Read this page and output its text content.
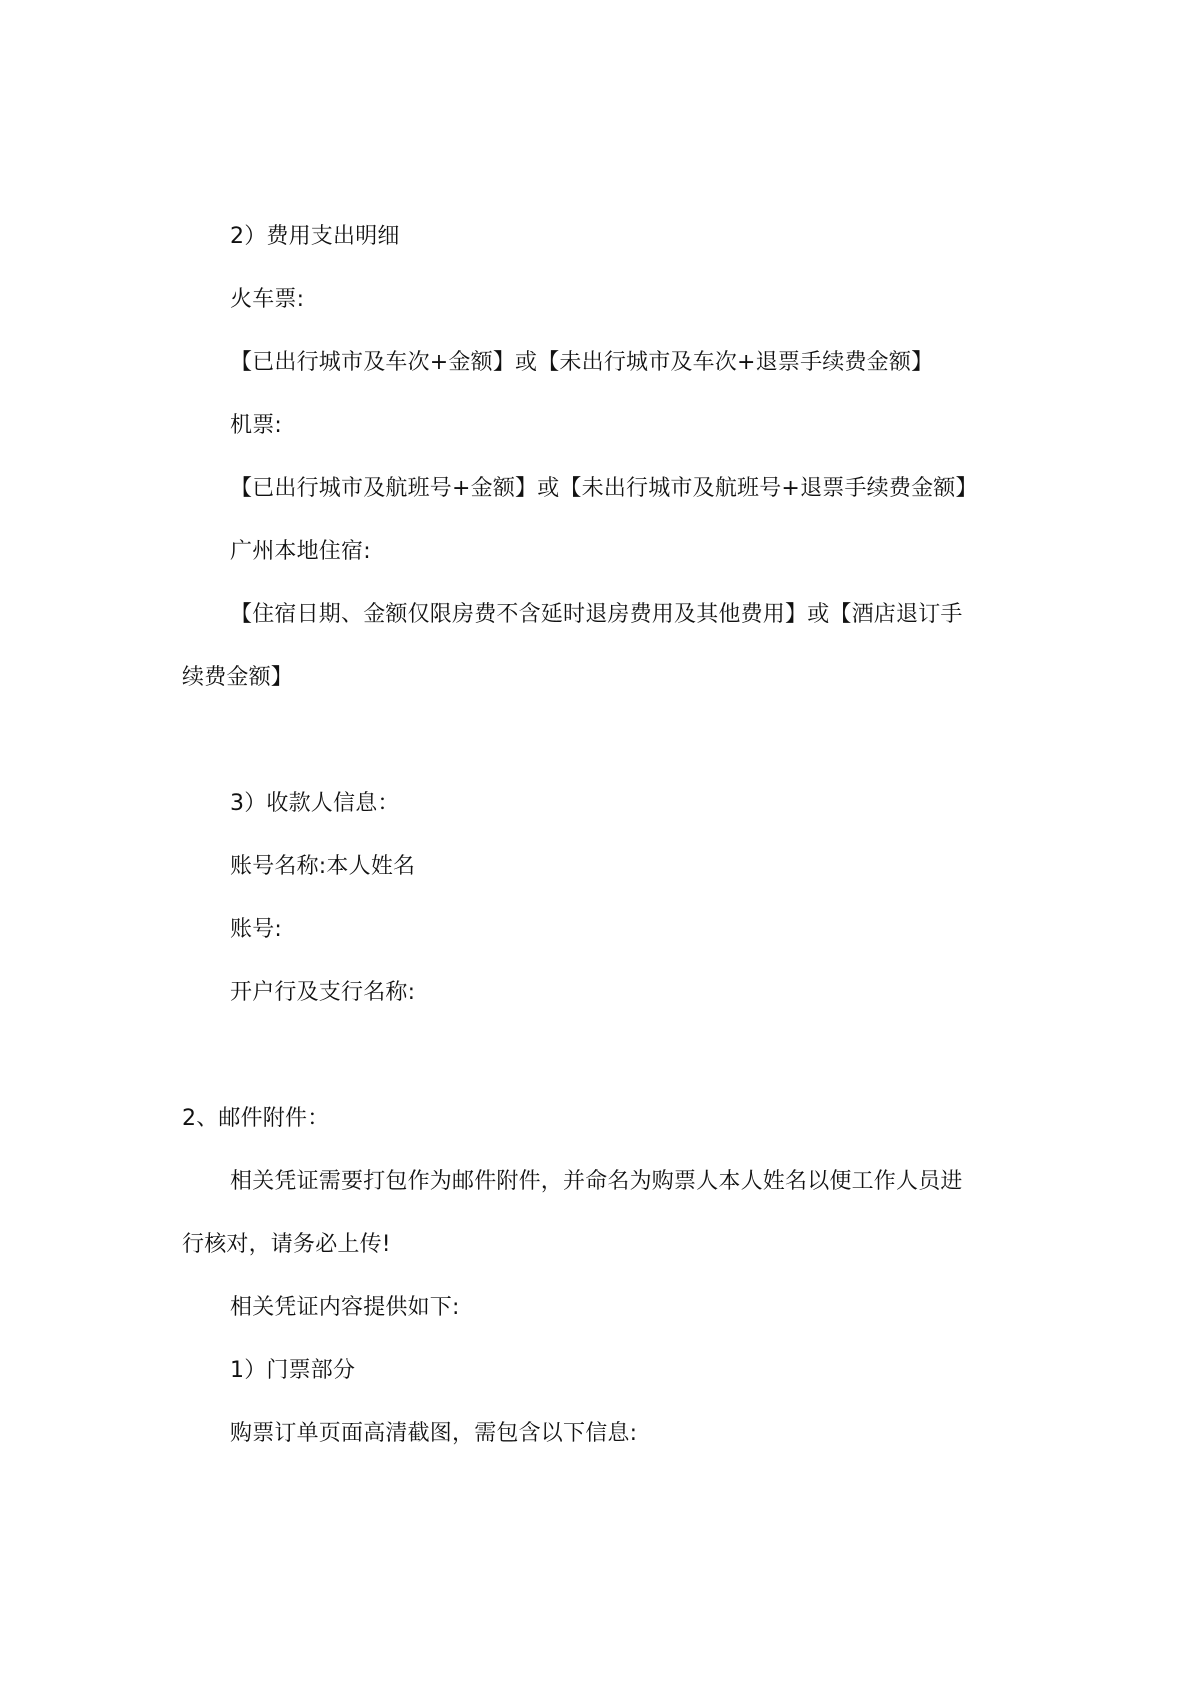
2）费用支出明细
火车票:
【已出行城市及车次+金额】或【未出行城市及车次+退票手续费金额】
机票:
【已出行城市及航班号+金额】或【未出行城市及航班号+退票手续费金额】
广州本地住宿:
【住宿日期、金额仅限房费不含延时退房费用及其他费用】或【酒店退订手
续费金额】
3）收款人信息：
账号名称:本人姓名
账号:
开户行及支行名称:
2、邮件附件：
相关凭证需要打包作为邮件附件，并命名为购票人本人姓名以便工作人员进
行核对，请务必上传!
相关凭证内容提供如下:
1）门票部分
购票订单页面高清截图，需包含以下信息:
